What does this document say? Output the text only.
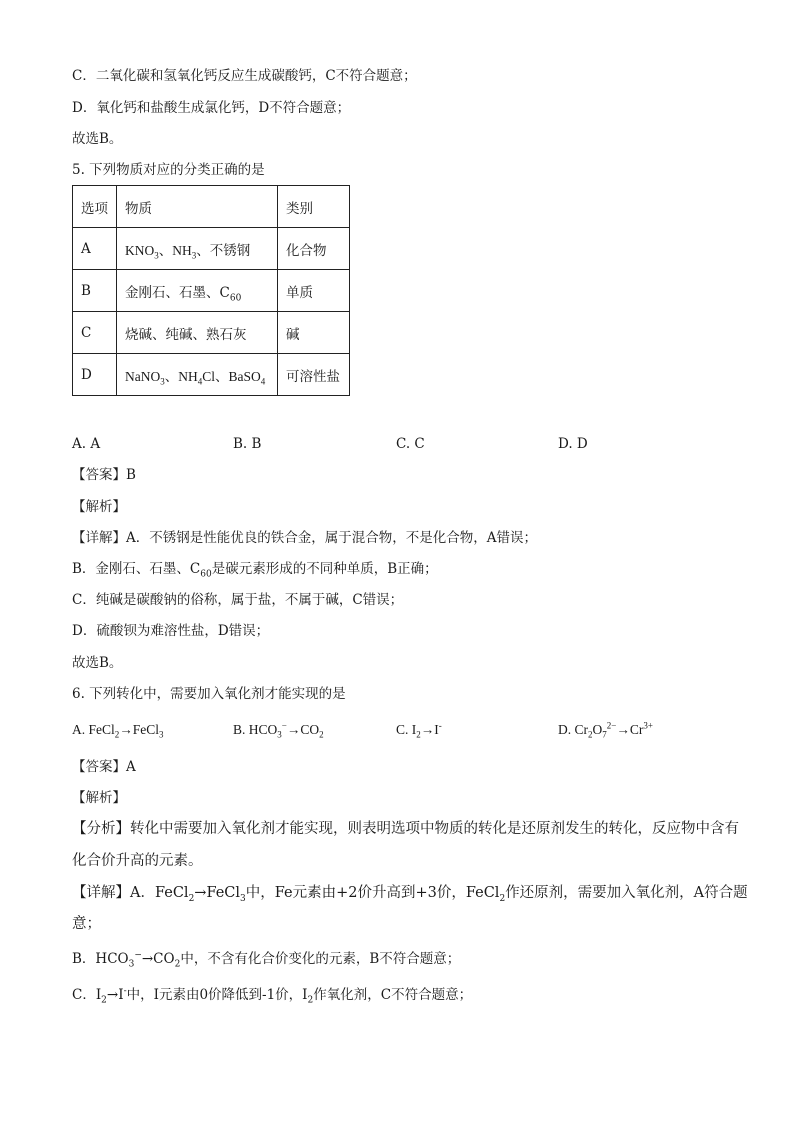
C．二氧化碳和氢氧化钙反应生成碳酸钙，C不符合题意；
D．氧化钙和盐酸生成氯化钙，D不符合题意；
故选B。
5. 下列物质对应的分类正确的是
选项	物质	类别
A	$KNO_3$、$NH_3$、不锈钢	化合物
B	金刚石、石墨、$C_{60}$	单质
C	烧碱、纯碱、熟石灰	碱
D	NaNO$_3$、$NH_4Cl$、BaSO$_4$	可溶性盐
A. A	B. B	C. C	D. D
【答案】B
【解析】
【详解】A．不锈钢是性能优良的铁合金，属于混合物，不是化合物，A错误；
B．金刚石、石墨、$C_{60}$是碳元素形成的不同种单质，B正确；
C．纯碱是碳酸钠的俗称，属于盐，不属于碱，C错误；
D．硫酸钡为难溶性盐，D错误；
故选B。
6. 下列转化中，需要加入氧化剂才能实现的是
A. FeCl$_2$→FeCl$_3$	B. $HCO_3^-\to CO_2$	C. $I_2\to I^-$	D. $Cr_2O_7^{2-}\to Cr^{3+}$
【答案】A
【解析】
【分析】转化中需要加入氧化剂才能实现，则表明选项中物质的转化是还原剂发生的转化，反应物中含有
化合价升高的元素。
【详解】A．FeCl$_2$→FeCl$_3$中，Fe元素由+2价升高到+3价，FeCl$_2$作还原剂，需要加入氧化剂，A符合题
意；
B．$HCO_3^-\to CO_2$中，不含有化合价变化的元素，B不符合题意；
C．$I_2\to I^-$中，I元素由0价降低到-1价，$I_2$作氧化剂，C不符合题意；
